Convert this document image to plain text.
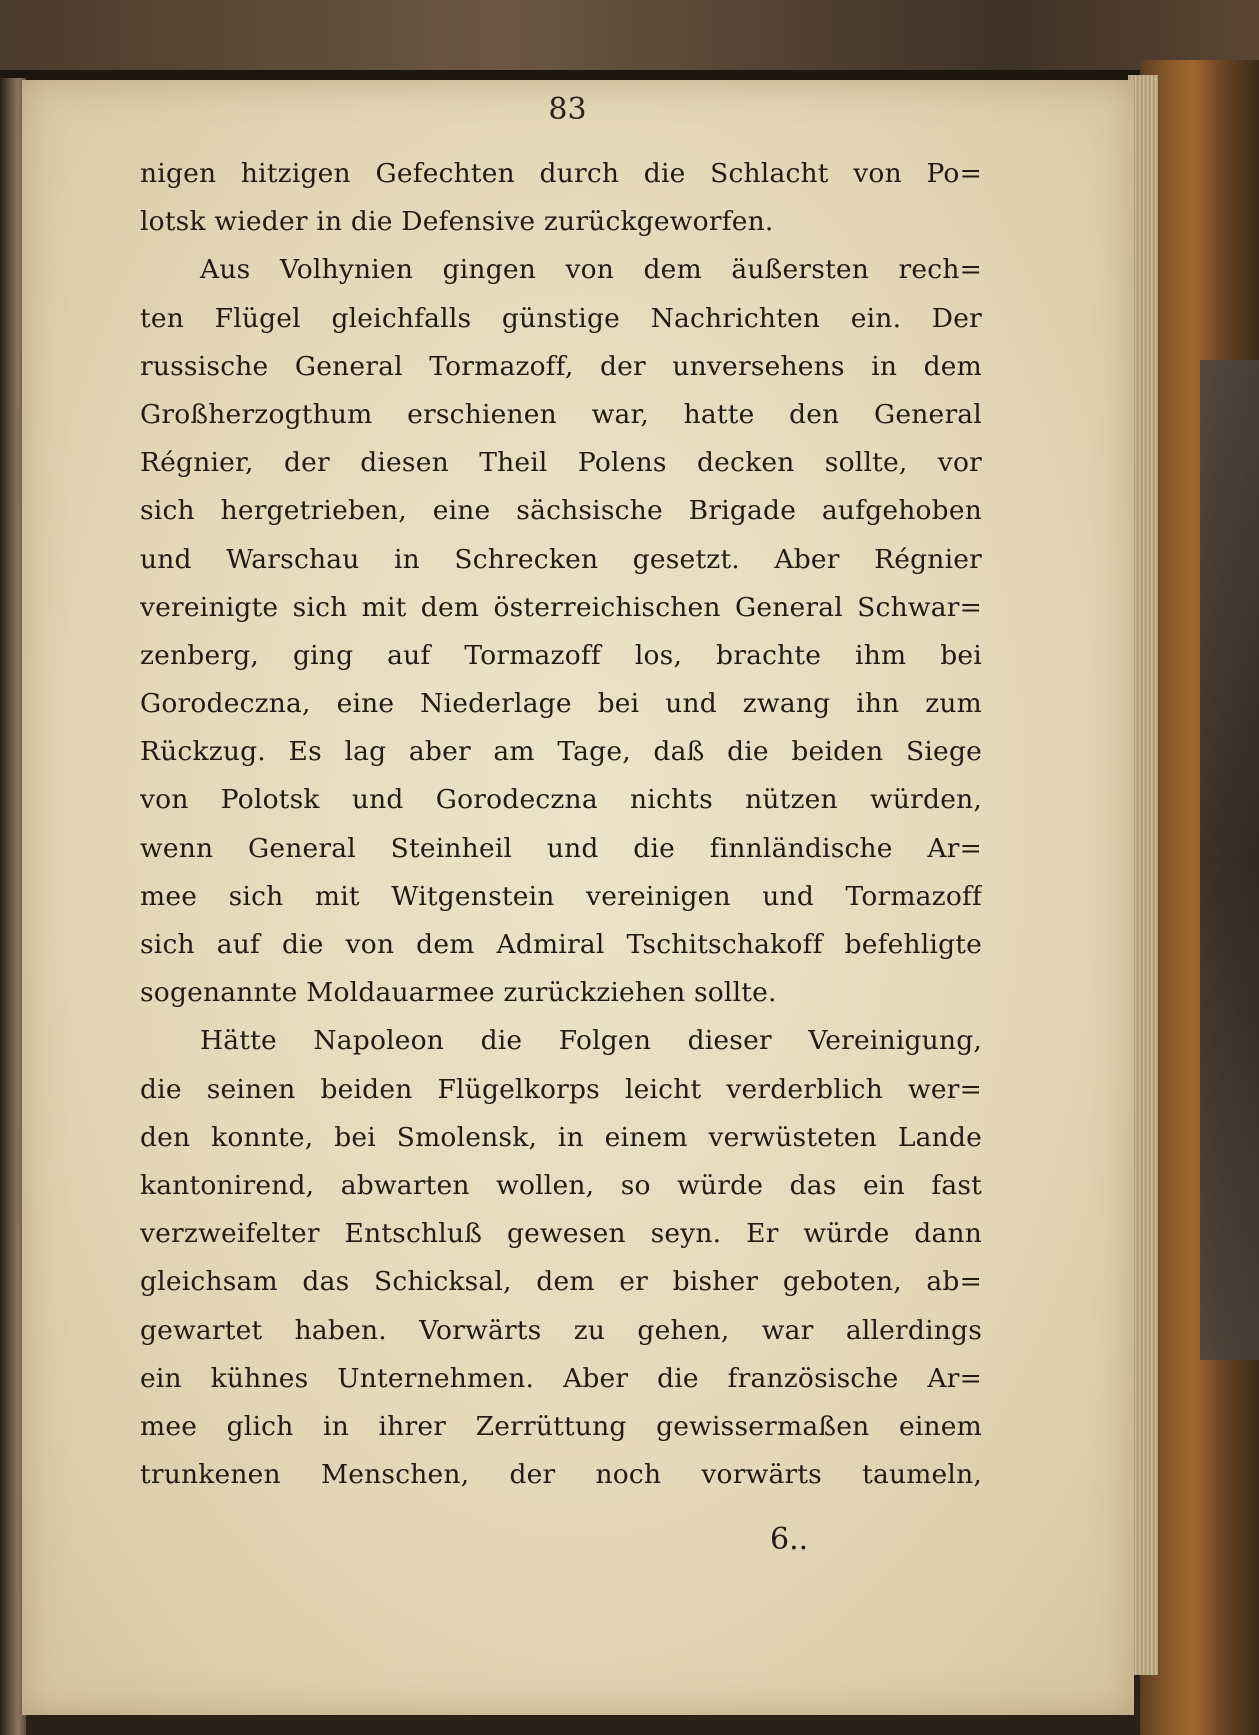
83
nigen hitzigen Gefechten durch die Schlacht von Po=
lotsk wieder in die Defensive zurückgeworfen.
Aus Volhynien gingen von dem äußersten rech=
ten Flügel gleichfalls günstige Nachrichten ein. Der
russische General Tormazoff, der unversehens in dem
Großherzogthum erschienen war, hatte den General
Régnier, der diesen Theil Polens decken sollte, vor
sich hergetrieben, eine sächsische Brigade aufgehoben
und Warschau in Schrecken gesetzt. Aber Régnier
vereinigte sich mit dem österreichischen General Schwar=
zenberg, ging auf Tormazoff los, brachte ihm bei
Gorodeczna, eine Niederlage bei und zwang ihn zum
Rückzug. Es lag aber am Tage, daß die beiden Siege
von Polotsk und Gorodeczna nichts nützen würden,
wenn General Steinheil und die finnländische Ar=
mee sich mit Witgenstein vereinigen und Tormazoff
sich auf die von dem Admiral Tschitschakoff befehligte
sogenannte Moldauarmee zurückziehen sollte.
Hätte Napoleon die Folgen dieser Vereinigung,
die seinen beiden Flügelkorps leicht verderblich wer=
den konnte, bei Smolensk, in einem verwüsteten Lande
kantonirend, abwarten wollen, so würde das ein fast
verzweifelter Entschluß gewesen seyn. Er würde dann
gleichsam das Schicksal, dem er bisher geboten, ab=
gewartet haben. Vorwärts zu gehen, war allerdings
ein kühnes Unternehmen. Aber die französische Ar=
mee glich in ihrer Zerrüttung gewissermaßen einem
trunkenen Menschen, der noch vorwärts taumeln,
6..
